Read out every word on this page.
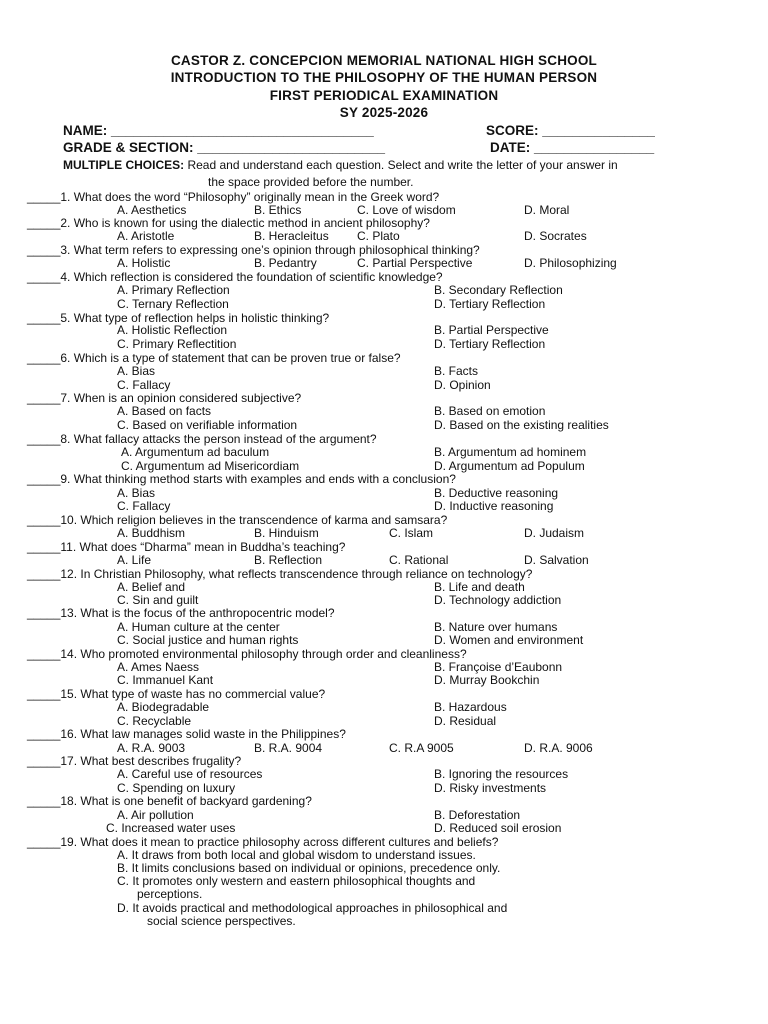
CASTOR Z. CONCEPCION MEMORIAL NATIONAL HIGH SCHOOL
INTRODUCTION TO THE PHILOSOPHY OF THE HUMAN PERSON
FIRST PERIODICAL EXAMINATION
SY 2025-2026
NAME: ___________________________________	SCORE: _______________
GRADE & SECTION: _________________________	DATE: ________________
MULTIPLE CHOICES: Read and understand each question. Select and write the letter of your answer in
the space provided before the number.
_____1. What does the word “Philosophy” originally mean in the Greek word?
A. Aesthetics	B. Ethics	C. Love of wisdom	D. Moral
_____2. Who is known for using the dialectic method in ancient philosophy?
A. Aristotle	B. Heracleitus C. Plato	D. Socrates
_____3. What term refers to expressing one’s opinion through philosophical thinking?
A. Holistic	B. Pedantry	C. Partial Perspective	D. Philosophizing
_____4. Which reflection is considered the foundation of scientific knowledge?
A. Primary Reflection	B. Secondary Reflection
C. Ternary Reflection	D. Tertiary Reflection
_____5. What type of reflection helps in holistic thinking?
A. Holistic Reflection	B. Partial Perspective
C. Primary Reflectition	D. Tertiary Reflection
_____6. Which is a type of statement that can be proven true or false?
A. Bias	B. Facts
C. Fallacy	D. Opinion
_____7. When is an opinion considered subjective?
A. Based on facts	B. Based on emotion
C. Based on verifiable information	D. Based on the existing realities
_____8. What fallacy attacks the person instead of the argument?
A. Argumentum ad baculum	B. Argumentum ad hominem
C. Argumentum ad Misericordiam	D. Argumentum ad Populum
_____9. What thinking method starts with examples and ends with a conclusion?
A. Bias	B. Deductive reasoning
C. Fallacy	D. Inductive reasoning
_____10. Which religion believes in the transcendence of karma and samsara?
A. Buddhism	B. Hinduism	C. Islam	D. Judaism
_____11. What does “Dharma” mean in Buddha’s teaching?
A. Life	B. Reflection	C. Rational	D. Salvation
_____12. In Christian Philosophy, what reflects transcendence through reliance on technology?
A. Belief and	B. Life and death
C. Sin and guilt	D. Technology addiction
_____13. What is the focus of the anthropocentric model?
A. Human culture at the center	B. Nature over humans
C. Social justice and human rights	D. Women and environment
_____14. Who promoted environmental philosophy through order and cleanliness?
A. Ames Naess	B. Françoise d’Eaubonn
C. Immanuel Kant	D. Murray Bookchin
_____15. What type of waste has no commercial value?
A. Biodegradable	B. Hazardous
C. Recyclable	D. Residual
_____16. What law manages solid waste in the Philippines?
A. R.A. 9003	B. R.A. 9004	C. R.A 9005	D. R.A. 9006
_____17. What best describes frugality?
A. Careful use of resources	B. Ignoring the resources
C. Spending on luxury	D. Risky investments
_____18. What is one benefit of backyard gardening?
A. Air pollution	B. Deforestation
C. Increased water uses	D. Reduced soil erosion
_____19. What does it mean to practice philosophy across different cultures and beliefs?
A. It draws from both local and global wisdom to understand issues.
B. It limits conclusions based on individual or opinions, precedence only.
C. It promotes only western and eastern philosophical thoughts and
perceptions.
D. It avoids practical and methodological approaches in philosophical and
social science perspectives.
